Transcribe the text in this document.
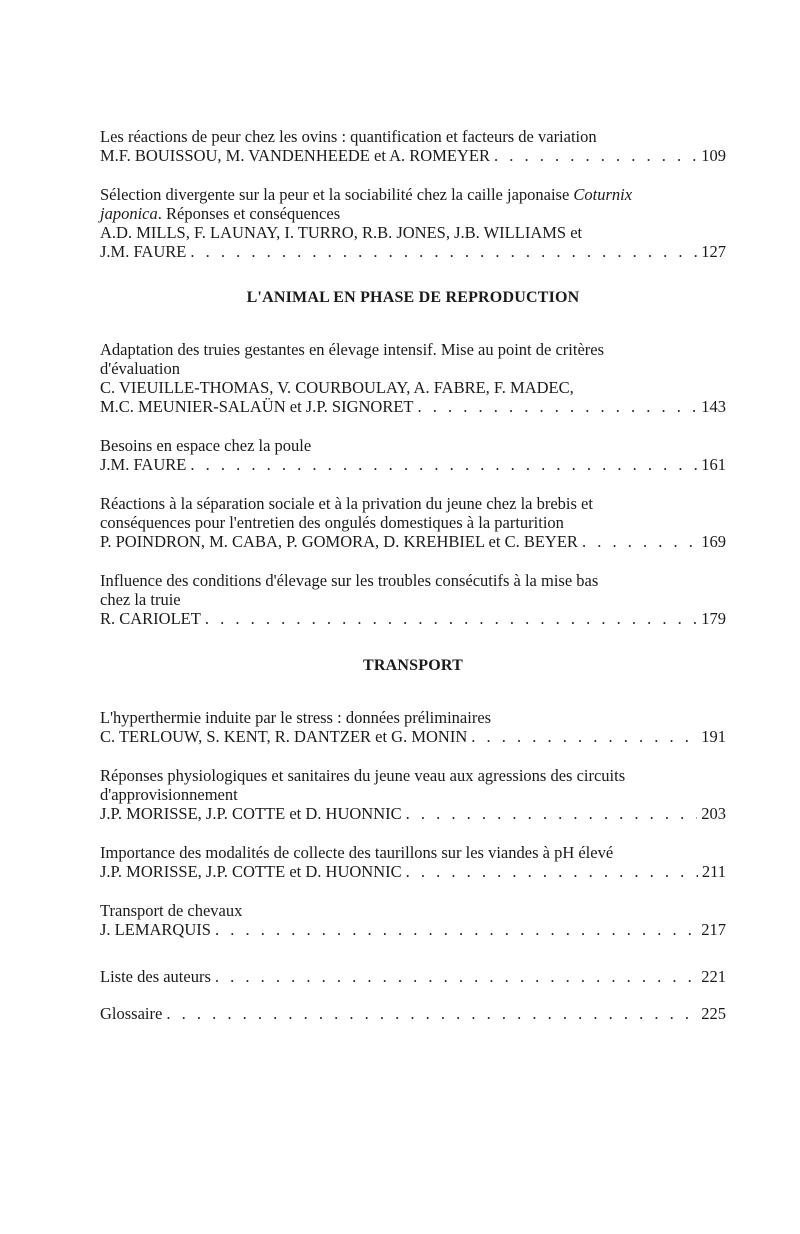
Les réactions de peur chez les ovins : quantification et facteurs de variation

M.F. BOUISSOU, M. VANDENHEEDE et A. ROMEYER . . .	109

Sélection divergente sur la peur et la sociabilité chez la caille japonaise Coturnix

japonica. Réponses et conséquences

A.D. MILLS, F. LAUNAY, I. TURRO, R.B. JONES, J.B. WILLIAMS et

J.M. FAURE . . .	127
L'ANIMAL EN PHASE DE REPRODUCTION

Adaptation des truies gestantes en élevage intensif. Mise au point de critères

d'évaluation

C. VIEUILLE-THOMAS, V. COURBOULAY, A. FABRE, F. MADEC,

M.C. MEUNIER-SALAÜN et J.P. SIGNORET . . .	143

Besoins en espace chez la poule

J.M. FAURE . . .	161

Réactions à la séparation sociale et à la privation du jeune chez la brebis et

conséquences pour l'entretien des ongulés domestiques à la parturition

P. POINDRON, M. CABA, P. GOMORA, D. KREHBIEL et C. BEYER . . .	169

Influence des conditions d'élevage sur les troubles consécutifs à la mise bas

chez la truie

R. CARIOLET . . .	179
TRANSPORT

L'hyperthermie induite par le stress : données préliminaires

C. TERLOUW, S. KENT, R. DANTZER et G. MONIN . . .	191

Réponses physiologiques et sanitaires du jeune veau aux agressions des circuits

d'approvisionnement

J.P. MORISSE, J.P. COTTE et D. HUONNIC . . .	203

Importance des modalités de collecte des taurillons sur les viandes à pH élevé

J.P. MORISSE, J.P. COTTE et D. HUONNIC . . .	211

Transport de chevaux

J. LEMARQUIS . . .	217
Liste des auteurs . . .	221
Glossaire . . .	225
